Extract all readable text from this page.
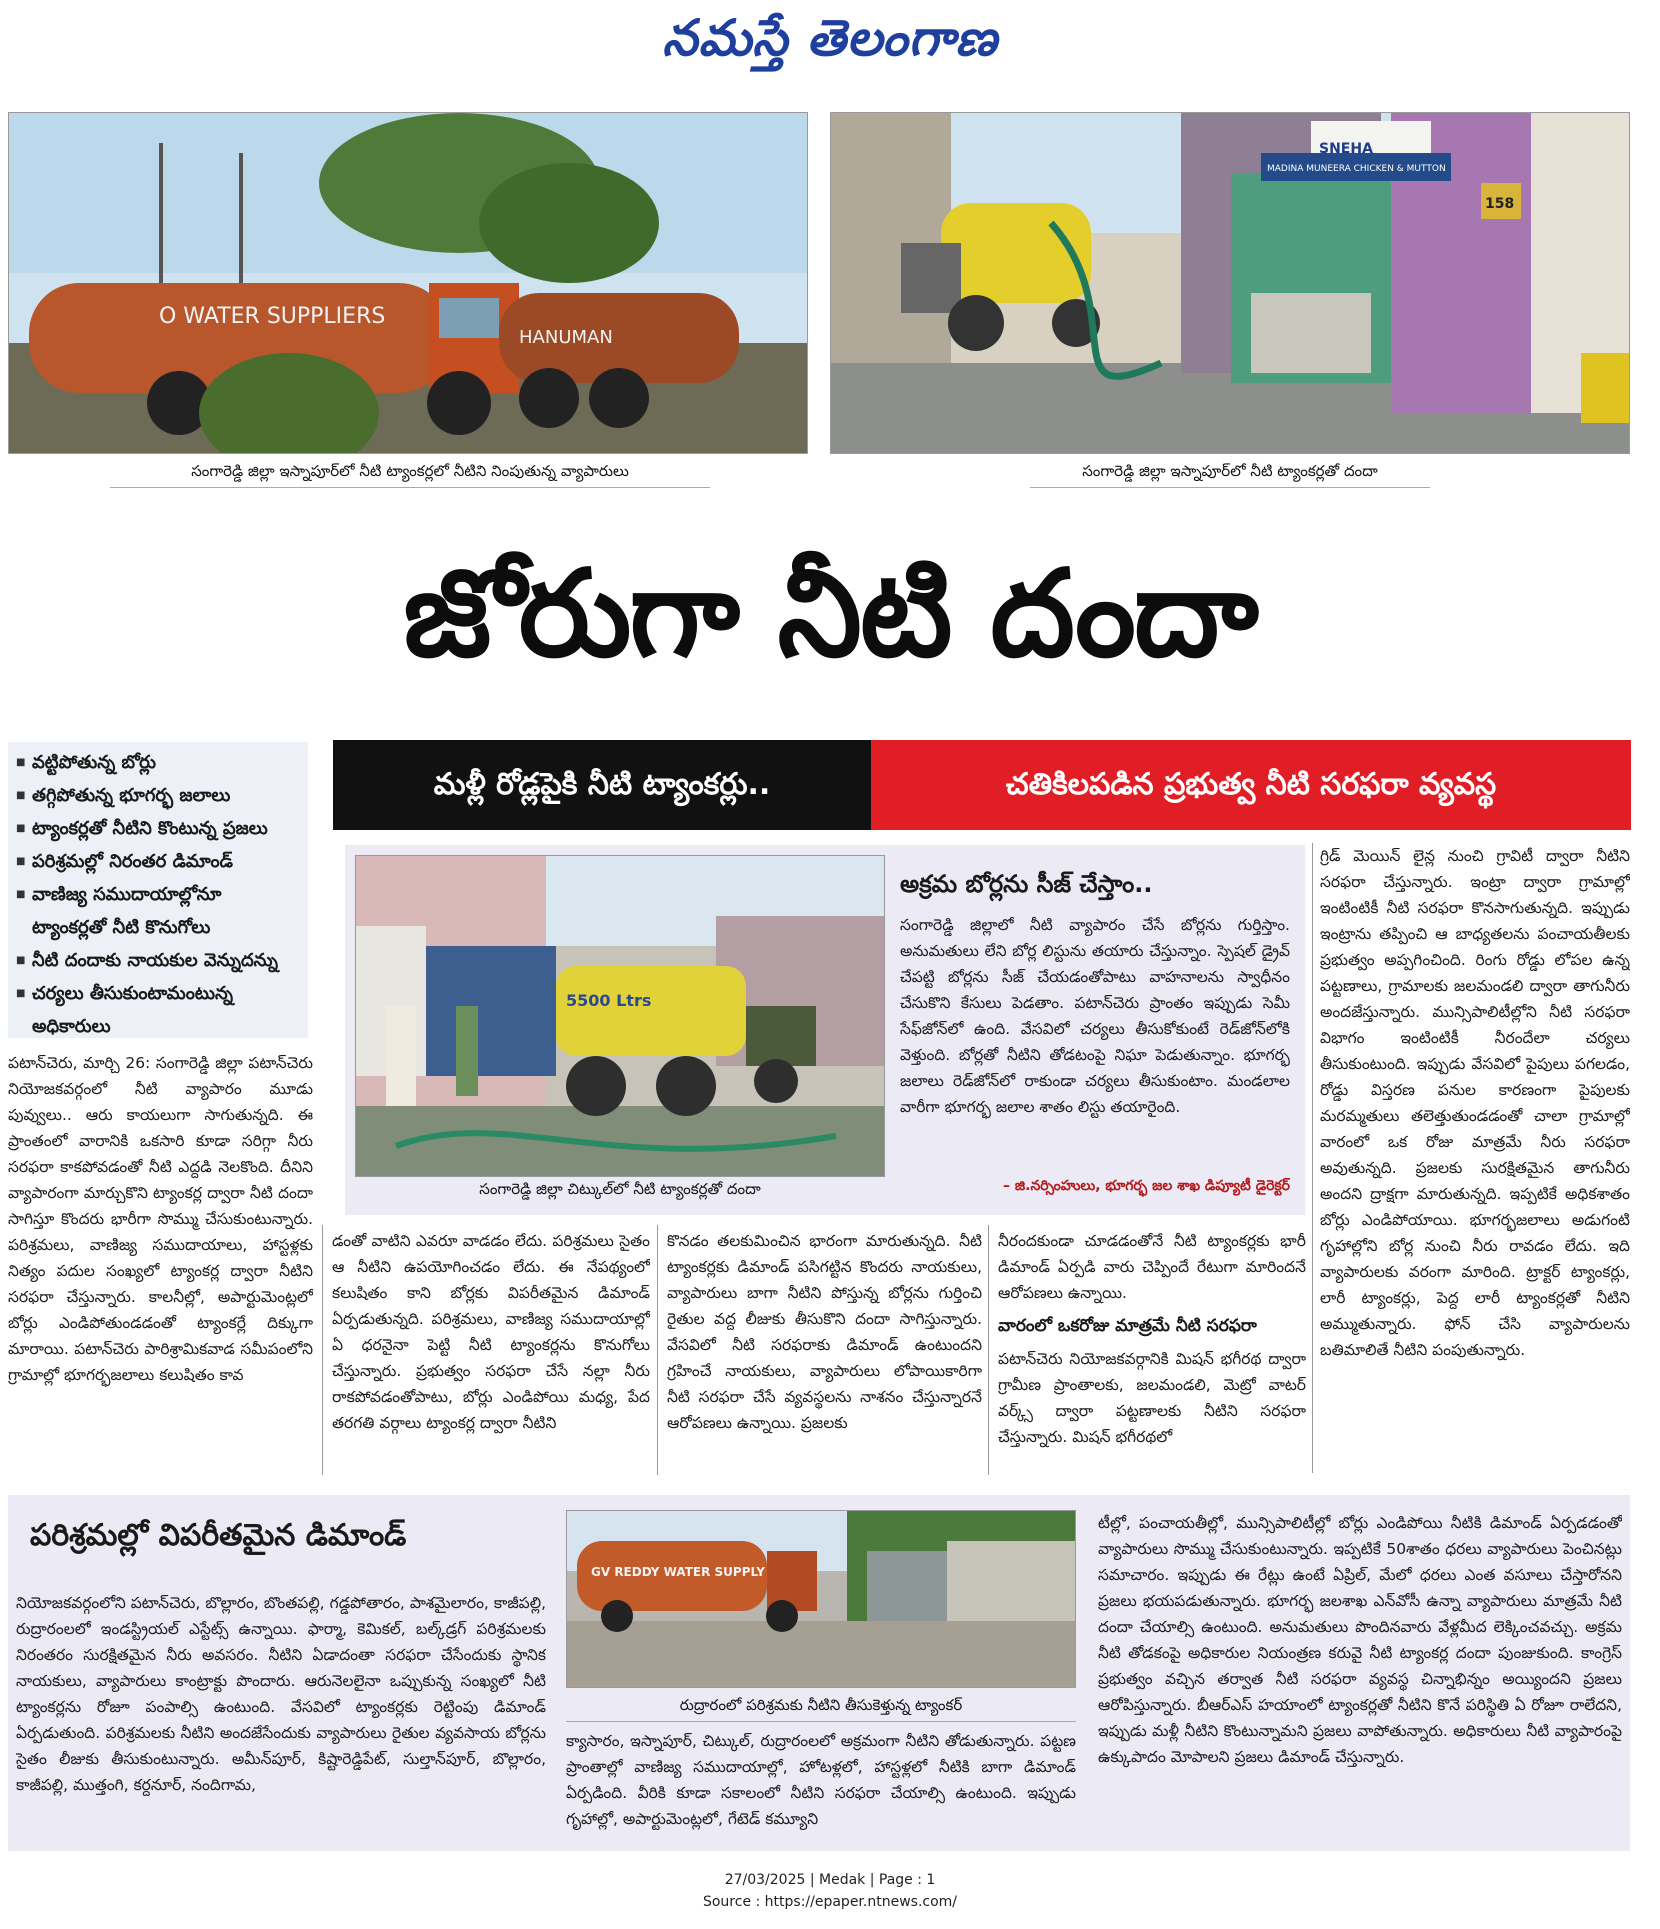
నమస్తే తెలంగాణ
O WATER SUPPLIERS
HANUMAN
SNEHA
MADINA MUNEERA CHICKEN & MUTTON
158
సంగారెడ్డి జిల్లా ఇస్నాపూర్‌లో నీటి ట్యాంకర్లలో నీటిని నింపుతున్న వ్యాపారులు	సంగారెడ్డి జిల్లా ఇస్నాపూర్‌లో నీటి ట్యాంకర్లతో దందా
జోరుగా నీటి దందా
■ వట్టిపోతున్న బోర్లు
■ తగ్గిపోతున్న భూగర్భ జలాలు
■ ట్యాంకర్లతో నీటిని కొంటున్న ప్రజలు
■ పరిశ్రమల్లో నిరంతర డిమాండ్
■ వాణిజ్య సముదాయాల్లోనూ
ట్యాంకర్లతో నీటి కొనుగోలు
■ నీటి దందాకు నాయకుల వెన్నుదన్ను
■ చర్యలు తీసుకుంటామంటున్న
అధికారులు
మళ్లీ రోడ్లపైకి నీటి ట్యాంకర్లు..	చతికిలపడిన ప్రభుత్వ నీటి సరఫరా వ్యవస్థ
5500 Ltrs
సంగారెడ్డి జిల్లా చిట్కుల్‌లో నీటి ట్యాంకర్లతో దందా
అక్రమ బోర్లను సీజ్‌ చేస్తాం..
సంగారెడ్డి జిల్లాలో నీటి వ్యాపారం చేసే బోర్లను గుర్తిస్తాం. అనుమతులు లేని బోర్ల లిస్టును తయారు చేస్తున్నాం. స్పెషల్‌ డ్రైవ్‌ చేపట్టి బోర్లను సీజ్‌ చేయడంతోపాటు వాహనాలను స్వాధీనం చేసుకొని కేసులు పెడతాం. పటాన్‌చెరు ప్రాంతం ఇప్పుడు సెమీ సేఫ్‌జోన్‌లో ఉంది. వేసవిలో చర్యలు తీసుకోకుంటే రెడ్‌జోన్‌లోకి వెళ్తుంది. బోర్లతో నీటిని తోడటంపై నిఘా పెడుతున్నాం. భూగర్భ జలాలు రెడ్‌జోన్‌లో రాకుండా చర్యలు తీసుకుంటాం. మండలాల వారీగా భూగర్భ జలాల శాతం లిస్టు తయారైంది.
– జి.నర్సింహులు, భూగర్భ జల శాఖ డిప్యూటీ డైరెక్టర్‌
గ్రిడ్‌ మెయిన్‌ లైన్ల నుంచి గ్రావిటీ ద్వారా నీటిని సరఫరా చేస్తున్నారు. ఇంట్రా ద్వారా గ్రామాల్లో ఇంటింటికీ నీటి సరఫరా కొనసాగుతున్నది. ఇప్పుడు ఇంట్రాను తప్పించి ఆ బాధ్యతలను పంచాయతీలకు ప్రభుత్వం అప్పగించింది. రింగు రోడ్డు లోపల ఉన్న పట్టణాలు, గ్రామాలకు జలమండలి ద్వారా తాగునీరు అందజేస్తున్నారు. మున్సిపాలిటీల్లోని నీటి సరఫరా విభాగం ఇంటింటికీ నీరందేలా చర్యలు తీసుకుంటుంది. ఇప్పుడు వేసవిలో పైపులు పగలడం, రోడ్డు విస్తరణ పనుల కారణంగా పైపులకు మరమ్మతులు తలెత్తుతుండడంతో చాలా గ్రామాల్లో వారంలో ఒక రోజు మాత్రమే నీరు సరఫరా అవుతున్నది. ప్రజలకు సురక్షితమైన తాగునీరు అందని ద్రాక్షగా మారుతున్నది. ఇప్పటికే అధికశాతం బోర్లు ఎండిపోయాయి. భూగర్భజలాలు అడుగంటి గృహాల్లోని బోర్ల నుంచి నీరు రావడం లేదు. ఇది వ్యాపారులకు వరంగా మారింది. ట్రాక్టర్‌ ట్యాంకర్లు, లారీ ట్యాంకర్లు, పెద్ద లారీ ట్యాంకర్లతో నీటిని అమ్ముతున్నారు. ఫోన్‌ చేసి వ్యాపారులను బతిమాలితే నీటిని పంపుతున్నారు.
పటాన్‌చెరు, మార్చి 26: సంగారెడ్డి జిల్లా పటాన్‌చెరు నియోజకవర్గంలో నీటి వ్యాపారం మూడు పువ్వులు.. ఆరు కాయలుగా సాగుతున్నది. ఈ ప్రాంతంలో వారానికి ఒకసారి కూడా సరిగ్గా నీరు సరఫరా కాకపోవడంతో నీటి ఎద్దడి నెలకొంది. దీనిని వ్యాపారంగా మార్చుకొని ట్యాంకర్ల ద్వారా నీటి దందా సాగిస్తూ కొందరు భారీగా సొమ్ము చేసుకుంటున్నారు. పరిశ్రమలు, వాణిజ్య సముదాయాలు, హాస్టళ్లకు నిత్యం పదుల సంఖ్యలో ట్యాంకర్ల ద్వారా నీటిని సరఫరా చేస్తున్నారు. కాలనీల్లో, అపార్టుమెంట్లలో బోర్లు ఎండిపోతుండడంతో ట్యాంకర్లే దిక్కుగా మారాయి. పటాన్‌చెరు పారిశ్రామికవాడ సమీపంలోని గ్రామాల్లో భూగర్భజలాలు కలుషితం కావ
డంతో వాటిని ఎవరూ వాడడం లేదు. పరిశ్రమలు సైతం ఆ నీటిని ఉపయోగించడం లేదు. ఈ నేపథ్యంలో కలుషితం కాని బోర్లకు విపరీతమైన డిమాండ్‌ ఏర్పడుతున్నది. పరిశ్రమలు, వాణిజ్య సముదాయాల్లో ఏ ధరనైనా పెట్టి నీటి ట్యాంకర్లను కొనుగోలు చేస్తున్నారు. ప్రభుత్వం సరఫరా చేసే నల్లా నీరు రాకపోవడంతోపాటు, బోర్లు ఎండిపోయి మధ్య, పేద తరగతి వర్గాలు ట్యాంకర్ల ద్వారా నీటిని
కొనడం తలకుమించిన భారంగా మారుతున్నది. నీటి ట్యాంకర్లకు డిమాండ్‌ పసిగట్టిన కొందరు నాయకులు, వ్యాపారులు బాగా నీటిని పోస్తున్న బోర్లను గుర్తించి రైతుల వద్ద లీజుకు తీసుకొని దందా సాగిస్తున్నారు. వేసవిలో నీటి సరఫరాకు డిమాండ్‌ ఉంటుందని గ్రహించే నాయకులు, వ్యాపారులు లోపాయికారిగా నీటి సరఫరా చేసే వ్యవస్థలను నాశనం చేస్తున్నారనే ఆరోపణలు ఉన్నాయి. ప్రజలకు
నీరందకుండా చూడడంతోనే నీటి ట్యాంకర్లకు భారీ డిమాండ్‌ ఏర్పడి వారు చెప్పిందే రేటుగా మారిందనే ఆరోపణలు ఉన్నాయి.
వారంలో ఒకరోజు మాత్రమే నీటి సరఫరా
పటాన్‌చెరు నియోజకవర్గానికి మిషన్‌ భగీరథ ద్వారా గ్రామీణ ప్రాంతాలకు, జలమండలి, మెట్రో వాటర్‌ వర్క్స్‌ ద్వారా పట్టణాలకు నీటిని సరఫరా చేస్తున్నారు. మిషన్‌ భగీరథలో
పరిశ్రమల్లో విపరీతమైన డిమాండ్‌
నియోజకవర్గంలోని పటాన్‌చెరు, బొల్లారం, బొంతపల్లి, గడ్డపోతారం, పాశమైలారం, కాజీపల్లి, రుద్రారంలలో ఇండస్ట్రియల్‌ ఎస్టేట్స్‌ ఉన్నాయి. ఫార్మా, కెమికల్‌, బల్క్‌డ్రగ్‌ పరిశ్రమలకు నిరంతరం సురక్షితమైన నీరు అవసరం. నీటిని ఏడాదంతా సరఫరా చేసేందుకు స్థానిక నాయకులు, వ్యాపారులు కాంట్రాక్టు పొందారు. ఆరునెలలైనా ఒప్పుకున్న సంఖ్యలో నీటి ట్యాంకర్లను రోజూ పంపాల్సి ఉంటుంది. వేసవిలో ట్యాంకర్లకు రెట్టింపు డిమాండ్‌ ఏర్పడుతుంది. పరిశ్రమలకు నీటిని అందజేసేందుకు వ్యాపారులు రైతుల వ్యవసాయ బోర్లను సైతం లీజుకు తీసుకుంటున్నారు. అమీన్‌పూర్‌, కిష్టారెడ్డిపేట్‌, సుల్తాన్‌పూర్‌, బొల్లారం, కాజీపల్లి, ముత్తంగి, కర్దనూర్‌, నందిగామ,
GV REDDY WATER SUPPLY
రుద్రారంలో పరిశ్రమకు నీటిని తీసుకెళ్తున్న ట్యాంకర్
క్యాసారం, ఇస్నాపూర్‌, చిట్కుల్‌, రుద్రారంలలో అక్రమంగా నీటిని తోడుతున్నారు. పట్టణ ప్రాంతాల్లో వాణిజ్య సముదాయాల్లో, హోటళ్లలో, హాస్టళ్లలో నీటికి బాగా డిమాండ్‌ ఏర్పడింది. వీరికి కూడా సకాలంలో నీటిని సరఫరా చేయాల్సి ఉంటుంది. ఇప్పుడు గృహాల్లో, అపార్టుమెంట్లలో, గేటెడ్‌ కమ్యూని
టీల్లో, పంచాయతీల్లో, మున్సిపాలిటీల్లో బోర్లు ఎండిపోయి నీటికి డిమాండ్‌ ఏర్పడడంతో వ్యాపారులు సొమ్ము చేసుకుంటున్నారు. ఇప్పటికే 50శాతం ధరలు వ్యాపారులు పెంచినట్లు సమాచారం. ఇప్పుడు ఈ రేట్లు ఉంటే ఏప్రిల్‌, మేలో ధరలు ఎంత వసూలు చేస్తారోనని ప్రజలు భయపడుతున్నారు. భూగర్భ జలశాఖ ఎన్‌వోసీ ఉన్నా వ్యాపారులు మాత్రమే నీటి దందా చేయాల్సి ఉంటుంది. అనుమతులు పొందినవారు వేళ్లమీద లెక్కించవచ్చు. అక్రమ నీటి తోడకంపై అధికారుల నియంత్రణ కరువై నీటి ట్యాంకర్ల దందా పుంజుకుంది. కాంగ్రెస్‌ ప్రభుత్వం వచ్చిన తర్వాత నీటి సరఫరా వ్యవస్థ చిన్నాభిన్నం అయ్యిందని ప్రజలు ఆరోపిస్తున్నారు. బీఆర్‌ఎస్‌ హయాంలో ట్యాంకర్లతో నీటిని కొనే పరిస్థితి ఏ రోజూ రాలేదని, ఇప్పుడు మళ్లీ నీటిని కొంటున్నామని ప్రజలు వాపోతున్నారు. అధికారులు నీటి వ్యాపారంపై ఉక్కుపాదం మోపాలని ప్రజలు డిమాండ్‌ చేస్తున్నారు.
27/03/2025 | Medak | Page : 1
Source : https://epaper.ntnews.com/
